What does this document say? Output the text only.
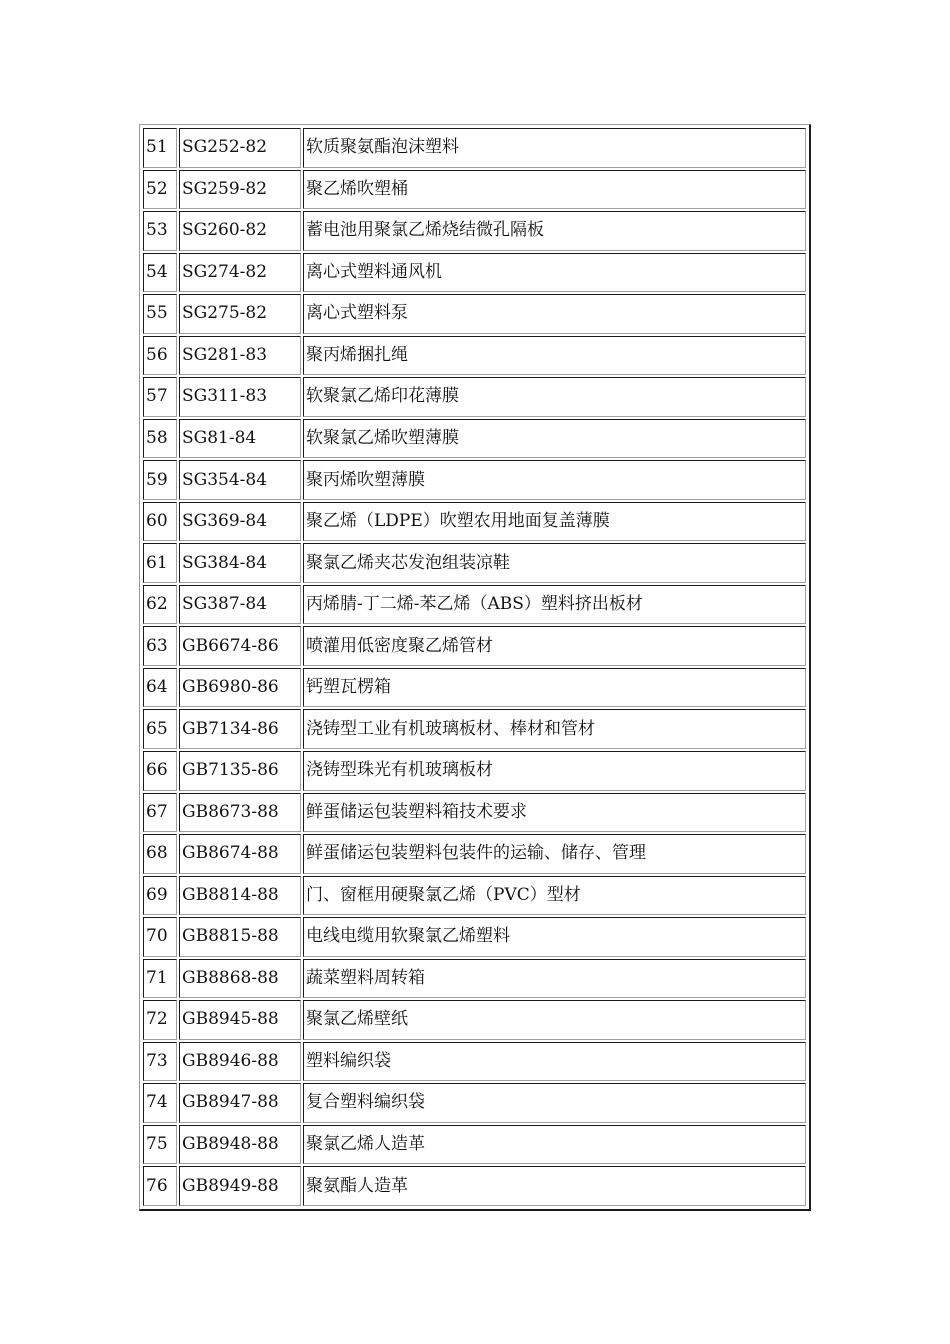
51	SG252-82	软质聚氨酯泡沫塑料
52	SG259-82	聚乙烯吹塑桶
53	SG260-82	蓄电池用聚氯乙烯烧结微孔隔板
54	SG274-82	离心式塑料通风机
55	SG275-82	离心式塑料泵
56	SG281-83	聚丙烯捆扎绳
57	SG311-83	软聚氯乙烯印花薄膜
58	SG81-84	软聚氯乙烯吹塑薄膜
59	SG354-84	聚丙烯吹塑薄膜
60	SG369-84	聚乙烯（LDPE）吹塑农用地面复盖薄膜
61	SG384-84	聚氯乙烯夹芯发泡组装凉鞋
62	SG387-84	丙烯腈-丁二烯-苯乙烯（ABS）塑料挤出板材
63	GB6674-86	喷灌用低密度聚乙烯管材
64	GB6980-86	钙塑瓦楞箱
65	GB7134-86	浇铸型工业有机玻璃板材、棒材和管材
66	GB7135-86	浇铸型珠光有机玻璃板材
67	GB8673-88	鲜蛋储运包装塑料箱技术要求
68	GB8674-88	鲜蛋储运包装塑料包装件的运输、储存、管理
69	GB8814-88	门、窗框用硬聚氯乙烯（PVC）型材
70	GB8815-88	电线电缆用软聚氯乙烯塑料
71	GB8868-88	蔬菜塑料周转箱
72	GB8945-88	聚氯乙烯壁纸
73	GB8946-88	塑料编织袋
74	GB8947-88	复合塑料编织袋
75	GB8948-88	聚氯乙烯人造革
76	GB8949-88	聚氨酯人造革
